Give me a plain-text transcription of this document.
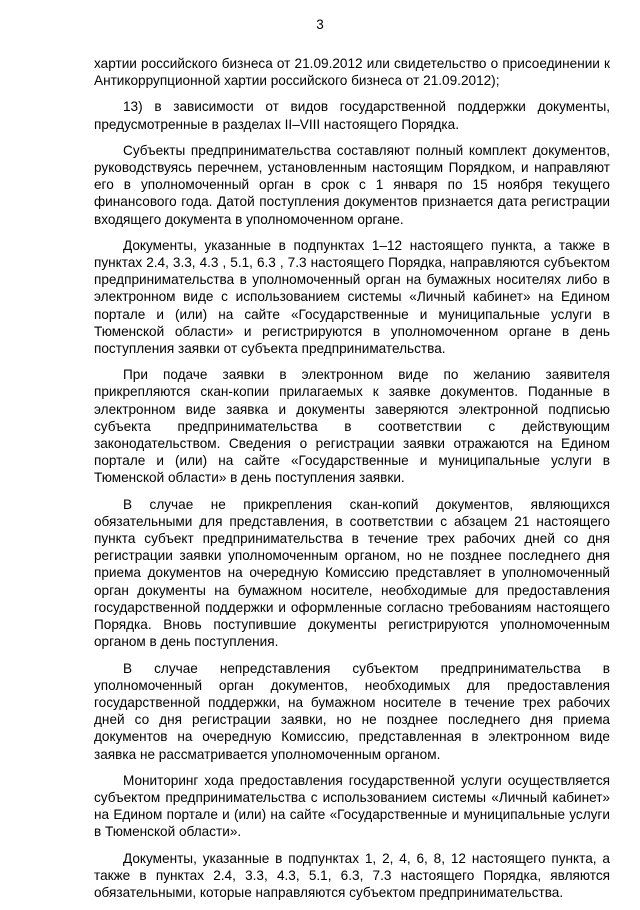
3

хартии российского бизнеса от 21.09.2012 или свидетельство о присоединении к Антикоррупционной хартии российского бизнеса от 21.09.2012);

13) в зависимости от видов государственной поддержки документы, предусмотренные в разделах II–VIII настоящего Порядка.

Субъекты предпринимательства составляют полный комплект документов, руководствуясь перечнем, установленным настоящим Порядком, и направляют его в уполномоченный орган в срок с 1 января по 15 ноября текущего финансового года. Датой поступления документов признается дата регистрации входящего документа в уполномоченном органе.

Документы, указанные в подпунктах 1–12 настоящего пункта, а также в пунктах 2.4, 3.3, 4.3 , 5.1, 6.3 , 7.3 настоящего Порядка, направляются субъектом предпринимательства в уполномоченный орган на бумажных носителях либо в электронном виде с использованием системы «Личный кабинет» на Едином портале и (или) на сайте «Государственные и муниципальные услуги в Тюменской области» и регистрируются в уполномоченном органе в день поступления заявки от субъекта предпринимательства.

При подаче заявки в электронном виде по желанию заявителя прикрепляются скан-копии прилагаемых к заявке документов. Поданные в электронном виде заявка и документы заверяются электронной подписью субъекта предпринимательства в соответствии с действующим законодательством. Сведения о регистрации заявки отражаются на Едином портале и (или) на сайте «Государственные и муниципальные услуги в Тюменской области» в день поступления заявки.

В случае не прикрепления скан-копий документов, являющихся обязательными для представления, в соответствии с абзацем 21 настоящего пункта субъект предпринимательства в течение трех рабочих дней со дня регистрации заявки уполномоченным органом, но не позднее последнего дня приема документов на очередную Комиссию представляет в уполномоченный орган документы на бумажном носителе, необходимые для предоставления государственной поддержки и оформленные согласно требованиям настоящего Порядка. Вновь поступившие документы регистрируются уполномоченным органом в день поступления.

В случае непредставления субъектом предпринимательства в уполномоченный орган документов, необходимых для предоставления государственной поддержки, на бумажном носителе в течение трех рабочих дней со дня регистрации заявки, но не позднее последнего дня приема документов на очередную Комиссию, представленная в электронном виде заявка не рассматривается уполномоченным органом.

Мониторинг хода предоставления государственной услуги осуществляется субъектом предпринимательства с использованием системы «Личный кабинет» на Едином портале и (или) на сайте «Государственные и муниципальные услуги в Тюменской области».

Документы, указанные в подпунктах 1, 2, 4, 6, 8, 12 настоящего пункта, а также в пунктах 2.4, 3.3, 4.3, 5.1, 6.3, 7.3 настоящего Порядка, являются обязательными, которые направляются субъектом предпринимательства.
